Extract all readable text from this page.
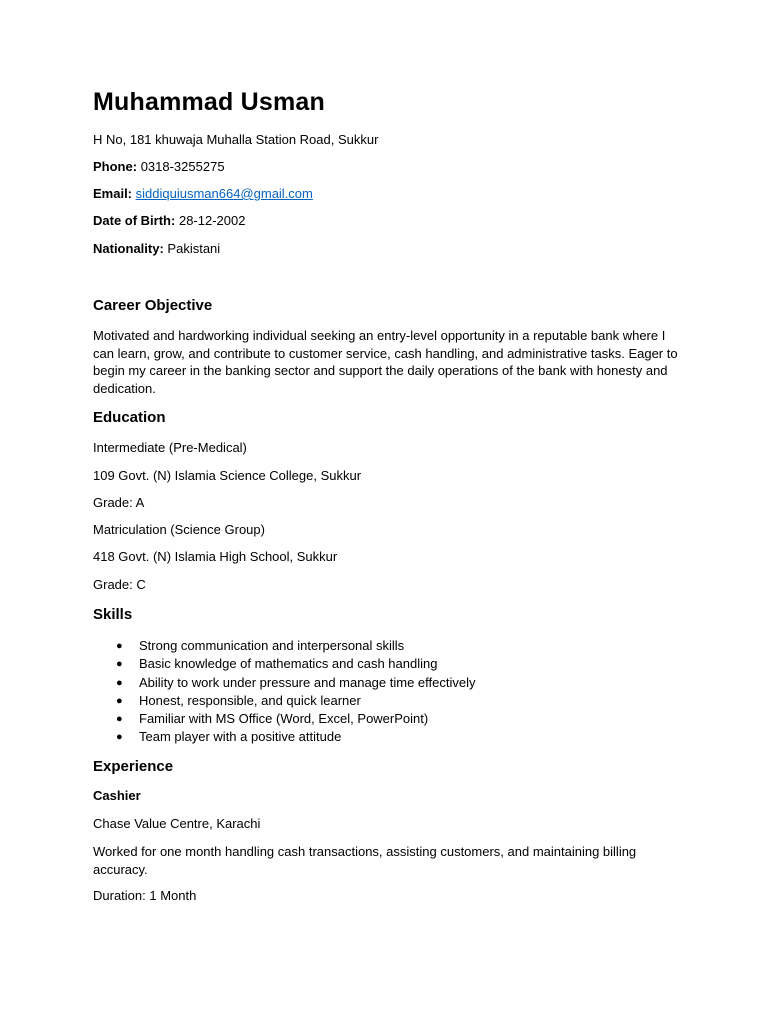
Muhammad Usman
H No, 181 khuwaja Muhalla Station Road, Sukkur
Phone: 0318-3255275
Email: siddiquiusman664@gmail.com
Date of Birth: 28-12-2002
Nationality: Pakistani
Career Objective
Motivated and hardworking individual seeking an entry-level opportunity in a reputable bank where I can learn, grow, and contribute to customer service, cash handling, and administrative tasks. Eager to begin my career in the banking sector and support the daily operations of the bank with honesty and dedication.
Education
Intermediate (Pre-Medical)
109 Govt. (N) Islamia Science College, Sukkur
Grade: A
Matriculation (Science Group)
418 Govt. (N) Islamia High School, Sukkur
Grade: C
Skills
● Strong communication and interpersonal skills
● Basic knowledge of mathematics and cash handling
● Ability to work under pressure and manage time effectively
● Honest, responsible, and quick learner
● Familiar with MS Office (Word, Excel, PowerPoint)
● Team player with a positive attitude
Experience
Cashier
Chase Value Centre, Karachi
Worked for one month handling cash transactions, assisting customers, and maintaining billing accuracy.
Duration: 1 Month
